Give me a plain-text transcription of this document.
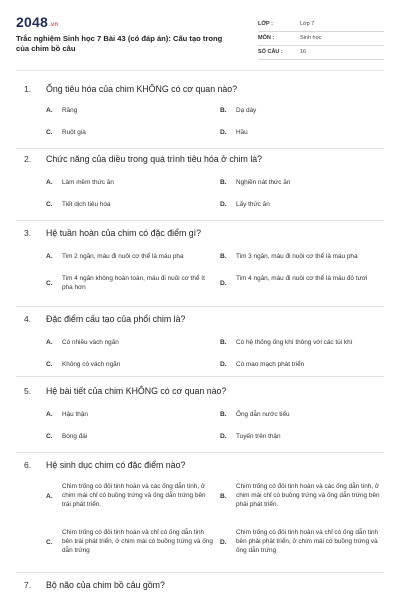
2048.vn
Trắc nghiệm Sinh học 7 Bài 43 (có đáp án): Cấu tạo trong của chim bồ câu
LỚP :	Lớp 7
MÔN :	Sinh học
SỐ CÂU :	16
1. Ống tiêu hóa của chim KHÔNG có cơ quan nào?
A. Răng	B. Dạ dày
C. Ruột già	D. Hầu
2. Chức năng của diều trong quá trình tiêu hóa ở chim là?
A. Làm mềm thức ăn	B. Nghiền nát thức ăn
C. Tiết dịch tiêu hóa	D. Lấy thức ăn
3. Hệ tuần hoàn của chim có đặc điểm gì?
A. Tim 2 ngăn, máu đi nuôi cơ thể là máu pha	B. Tim 3 ngăn, máu đi nuôi cơ thể là máu pha
C.
Tim 4 ngăn không hoàn toàn, máu đi nuôi cơ thể ít pha hơn
D.
Tim 4 ngăn, máu đi nuôi cơ thể là máu đỏ tươi
4. Đặc điểm cấu tạo của phổi chim là?
A. Có nhiều vách ngăn	B. Có hệ thống ống khí thông với các túi khí
C. Không có vách ngăn	D. Có mao mạch phát triển
5. Hệ bài tiết của chim KHÔNG có cơ quan nào?
A. Hậu thận	B. Ống dẫn nước tiểu
C. Bóng đái	D. Tuyến trên thận
6. Hệ sinh dục chim có đặc điểm nào?
A.
Chim trống có đôi tinh hoàn và các ống dẫn tinh, ở chim mái chỉ có buồng trứng và ống dẫn trứng bên trái phát triển.
B.
Chim trống có đôi tinh hoàn và các ống dẫn tinh, ở chim mái chỉ có buồng trứng và ống dẫn trứng bên phải phát triển.
C.
Chim trống có đôi tinh hoàn và chỉ có ống dẫn tinh bên trái phát triển, ở chim mái có buồng trứng và ống dẫn trứng
D.
Chim trống có đôi tinh hoàn và chỉ có ống dẫn tinh bên phải phát triển, ở chim mái có buồng trứng và ống dẫn trứng
7. Bộ não của chim bồ câu gồm?
